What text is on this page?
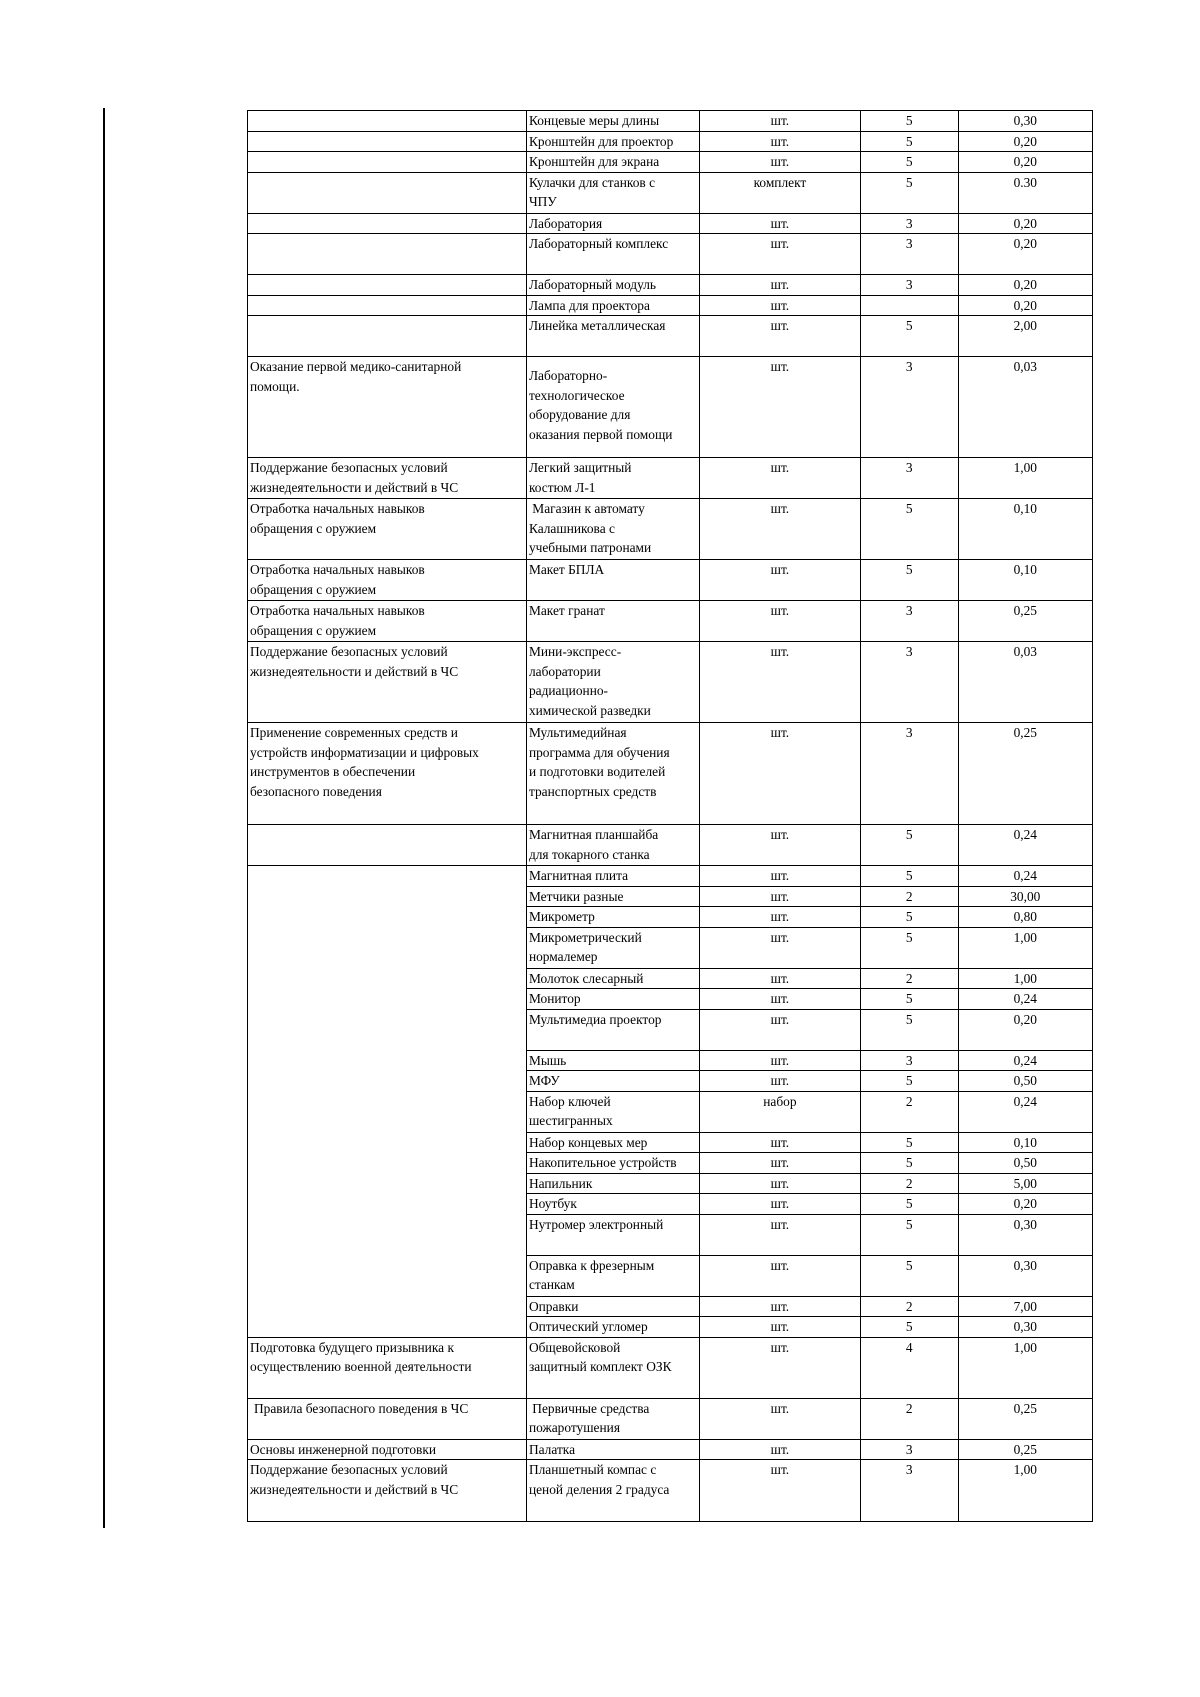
	Концевые меры длины	шт.	5	0,30

	Кронштейн для проектор	шт.	5	0,20

	Кронштейн для экрана	шт.	5	0,20

	Кулачки для станков с
ЧПУ	комплект	5	0.30

	Лаборатория	шт.	3	0,20

	Лабораторный комплекс	шт.	3	0,20

	Лабораторный модуль	шт.	3	0,20

	Лампа для проектора	шт.		0,20

	Линейка металлическая	шт.	5	2,00

Оказание первой медико-санитарной
помощи.	Лабораторно-
технологическое
оборудование для
оказания первой помощи	шт.	3	0,03

Поддержание безопасных условий
жизнедеятельности и действий в ЧС	Легкий защитный
костюм Л-1	шт.	3	1,00

Отработка начальных навыков
обращения с оружием	Магазин к автомату
Калашникова с
учебными патронами	шт.	5	0,10

Отработка начальных навыков
обращения с оружием	Макет БПЛА	шт.	5	0,10

Отработка начальных навыков
обращения с оружием	Макет гранат	шт.	3	0,25

Поддержание безопасных условий
жизнедеятельности и действий в ЧС	Мини-экспресс-
лаборатории
радиационно-
химической разведки	шт.	3	0,03

Применение современных средств и
устройств информатизации и цифровых
инструментов в обеспечении
безопасного поведения	Мультимедийная
программа для обучения
и подготовки водителей
транспортных средств	шт.	3	0,25

	Магнитная планшайба
для токарного станка	шт.	5	0,24

	Магнитная плита	шт.	5	0,24

	Метчики разные	шт.	2	30,00

	Микрометр	шт.	5	0,80

	Микрометрический
нормалемер	шт.	5	1,00

	Молоток слесарный	шт.	2	1,00

	Монитор	шт.	5	0,24

	Мультимедиа проектор	шт.	5	0,20

	Мышь	шт.	3	0,24

	МФУ	шт.	5	0,50

	Набор ключей
шестигранных	набор	2	0,24

	Набор концевых мер	шт.	5	0,10

	Накопительное устройств	шт.	5	0,50

	Напильник	шт.	2	5,00

	Ноутбук	шт.	5	0,20

	Нутромер электронный	шт.	5	0,30

	Оправка к фрезерным
станкам	шт.	5	0,30

	Оправки	шт.	2	7,00

	Оптический угломер	шт.	5	0,30

Подготовка будущего призывника к
осуществлению военной деятельности	Общевойсковой
защитный комплект ОЗК	шт.	4	1,00
Правила безопасного поведения в ЧС	Первичные средства
пожаротушения	шт.	2	0,25
Основы инженерной подготовки	Палатка	шт.	3	0,25

Поддержание безопасных условий
жизнедеятельности и действий в ЧС	Планшетный компас с
ценой деления 2 градуса	шт.	3	1,00
